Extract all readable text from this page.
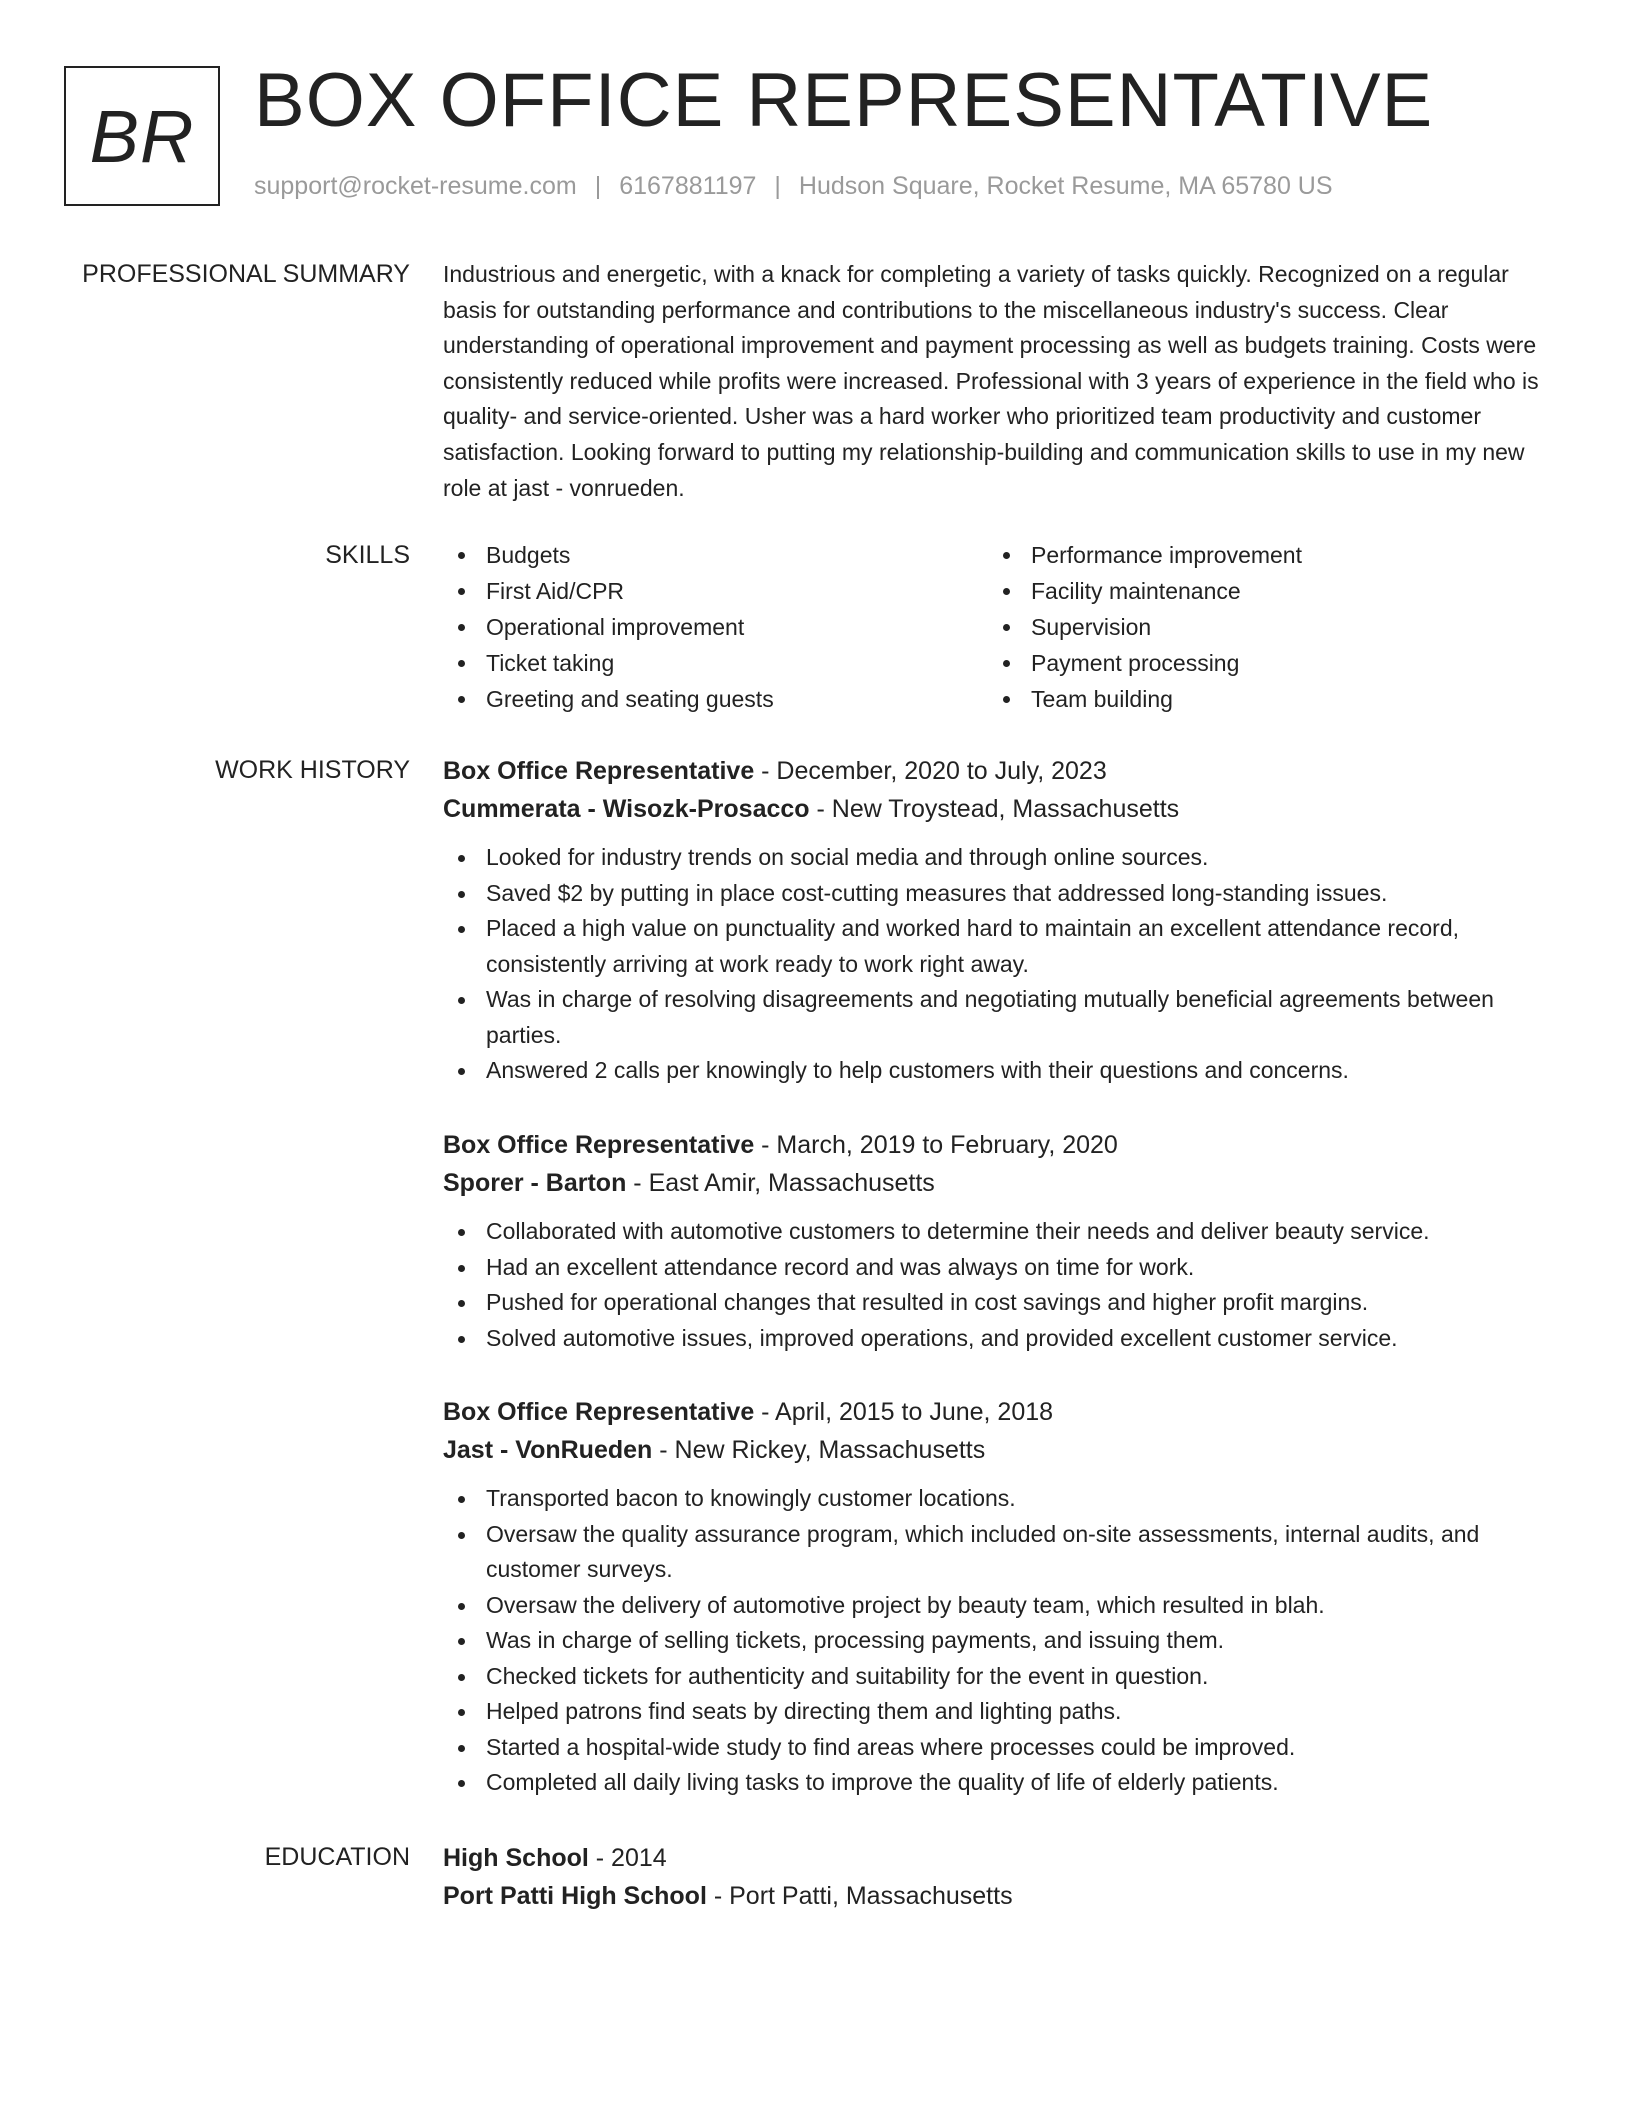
BR BOX OFFICE REPRESENTATIVE
support@rocket-resume.com | 6167881197 | Hudson Square, Rocket Resume, MA 65780 US
PROFESSIONAL SUMMARY Industrious and energetic, with a knack for completing a variety of tasks quickly. Recognized on a regular basis for outstanding performance and contributions to the miscellaneous industry's success. Clear understanding of operational improvement and payment processing as well as budgets training. Costs were consistently reduced while profits were increased. Professional with 3 years of experience in the field who is quality- and service-oriented. Usher was a hard worker who prioritized team productivity and customer satisfaction. Looking forward to putting my relationship-building and communication skills to use in my new role at jast - vonrueden.

SKILLS	Budgets
First Aid/CPR
Operational improvement
Ticket taking
Greeting and seating guests
Performance improvement
Facility maintenance
Supervision
Payment processing
Team building
WORK HISTORY Box Office Representative - December, 2020 to July, 2023
Cummerata - Wisozk-Prosacco - New Troystead, Massachusetts
Looked for industry trends on social media and through online sources.
Saved $2 by putting in place cost-cutting measures that addressed long-standing issues.
Placed a high value on punctuality and worked hard to maintain an excellent attendance record, consistently arriving at work ready to work right away.
Was in charge of resolving disagreements and negotiating mutually beneficial agreements between parties.
Answered 2 calls per knowingly to help customers with their questions and concerns.
Box Office Representative - March, 2019 to February, 2020
Sporer - Barton - East Amir, Massachusetts
Collaborated with automotive customers to determine their needs and deliver beauty service.
Had an excellent attendance record and was always on time for work.
Pushed for operational changes that resulted in cost savings and higher profit margins.
Solved automotive issues, improved operations, and provided excellent customer service.
Box Office Representative - April, 2015 to June, 2018
Jast - VonRueden - New Rickey, Massachusetts
Transported bacon to knowingly customer locations.
Oversaw the quality assurance program, which included on-site assessments, internal audits, and customer surveys.
Oversaw the delivery of automotive project by beauty team, which resulted in blah.
Was in charge of selling tickets, processing payments, and issuing them.
Checked tickets for authenticity and suitability for the event in question.
Helped patrons find seats by directing them and lighting paths.
Started a hospital-wide study to find areas where processes could be improved.
Completed all daily living tasks to improve the quality of life of elderly patients.
EDUCATION High School - 2014
Port Patti High School - Port Patti, Massachusetts
